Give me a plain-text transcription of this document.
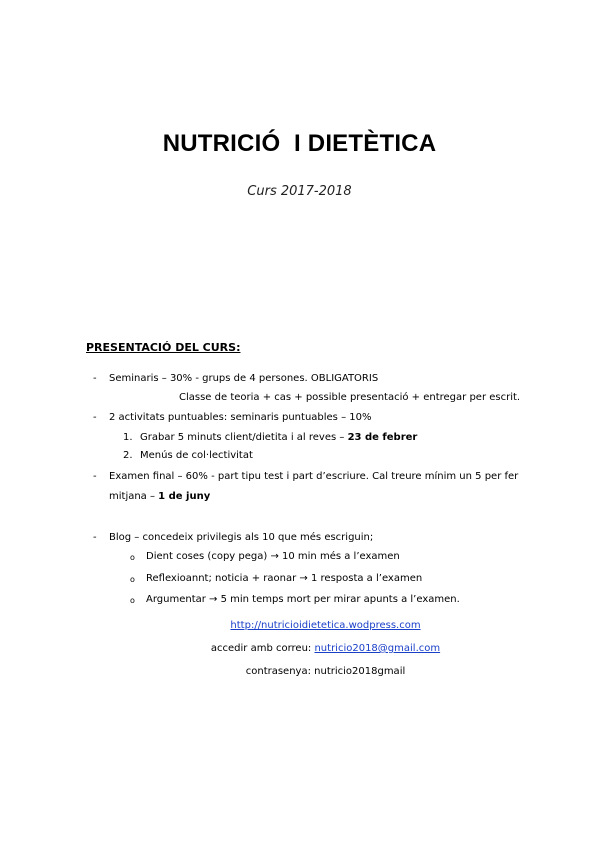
NUTRICIÓ  I DIETÈTICA
Curs 2017-2018
PRESENTACIÓ DEL CURS:
- Seminaris – 30% - grups de 4 persones. OBLIGATORIS
Classe de teoria + cas + possible presentació + entregar per escrit.
- 2 activitats puntuables: seminaris puntuables – 10%
1. Grabar 5 minuts client/dietita i al reves – 23 de febrer
2. Menús de col·lectivitat
- Examen final – 60% - part tipu test i part d’escriure. Cal treure mínim un 5 per fer
mitjana – 1 de juny
- Blog – concedeix privilegis als 10 que més escriguin;
o Dient coses (copy pega) → 10 min més a l’examen
o Reflexioannt; noticia + raonar → 1 resposta a l’examen
o Argumentar → 5 min temps mort per mirar apunts a l’examen.
http://nutricioidietetica.wodpress.com
accedir amb correu: nutricio2018@gmail.com
contrasenya: nutricio2018gmail
